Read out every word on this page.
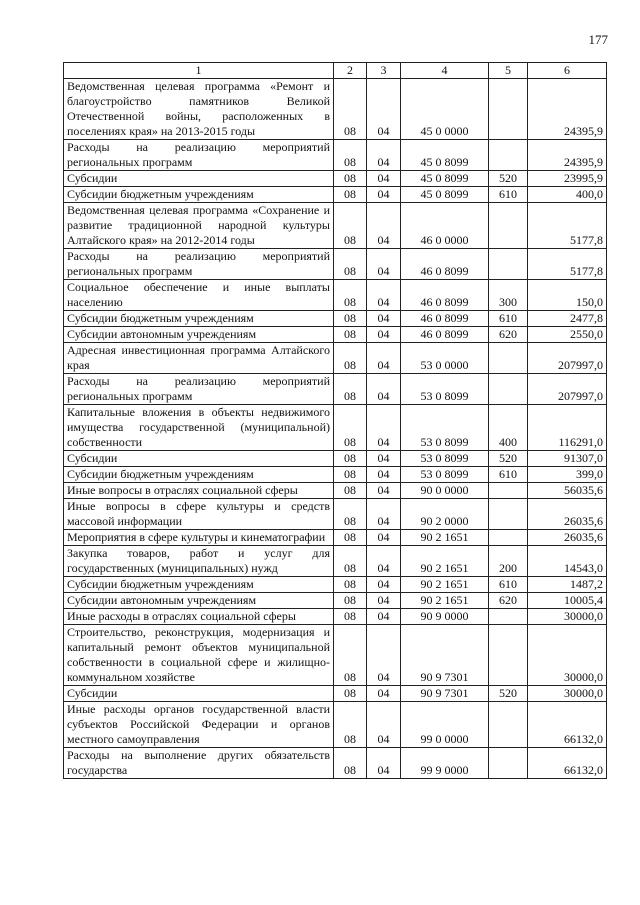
177
1	2	3	4	5	6
Ведомственная целевая программа «Ремонт и благоустройство памятников Великой Отечественной войны, расположенных в поселениях края» на 2013-2015 годы	08	04	45 0 0000		24395,9
Расходы на реализацию мероприятий региональных программ	08	04	45 0 8099		24395,9
Субсидии	08	04	45 0 8099	520	23995,9
Субсидии бюджетным учреждениям	08	04	45 0 8099	610	400,0
Ведомственная целевая программа «Сохранение и развитие традиционной народной культуры Алтайского края» на 2012-2014 годы	08	04	46 0 0000		5177,8
Расходы на реализацию мероприятий региональных программ	08	04	46 0 8099		5177,8
Социальное обеспечение и иные выплаты населению	08	04	46 0 8099	300	150,0
Субсидии бюджетным учреждениям	08	04	46 0 8099	610	2477,8
Субсидии автономным учреждениям	08	04	46 0 8099	620	2550,0
Адресная инвестиционная программа Алтайского края	08	04	53 0 0000		207997,0
Расходы на реализацию мероприятий региональных программ	08	04	53 0 8099		207997,0
Капитальные вложения в объекты недвижимого имущества государственной (муниципальной) собственности	08	04	53 0 8099	400	116291,0
Субсидии	08	04	53 0 8099	520	91307,0
Субсидии бюджетным учреждениям	08	04	53 0 8099	610	399,0
Иные вопросы в отраслях социальной сферы	08	04	90 0 0000		56035,6
Иные вопросы в сфере культуры и средств массовой информации	08	04	90 2 0000		26035,6
Мероприятия в сфере культуры и кинематографии	08	04	90 2 1651		26035,6
Закупка товаров, работ и услуг для государственных (муниципальных) нужд	08	04	90 2 1651	200	14543,0
Субсидии бюджетным учреждениям	08	04	90 2 1651	610	1487,2
Субсидии автономным учреждениям	08	04	90 2 1651	620	10005,4
Иные расходы в отраслях социальной сферы	08	04	90 9 0000		30000,0
Строительство, реконструкция, модернизация и капитальный ремонт объектов муниципальной собственности в социальной сфере и жилищно-коммунальном хозяйстве	08	04	90 9 7301		30000,0
Субсидии	08	04	90 9 7301	520	30000,0
Иные расходы органов государственной власти субъектов Российской Федерации и органов местного самоуправления	08	04	99 0 0000		66132,0
Расходы на выполнение других обязательств государства	08	04	99 9 0000		66132,0
